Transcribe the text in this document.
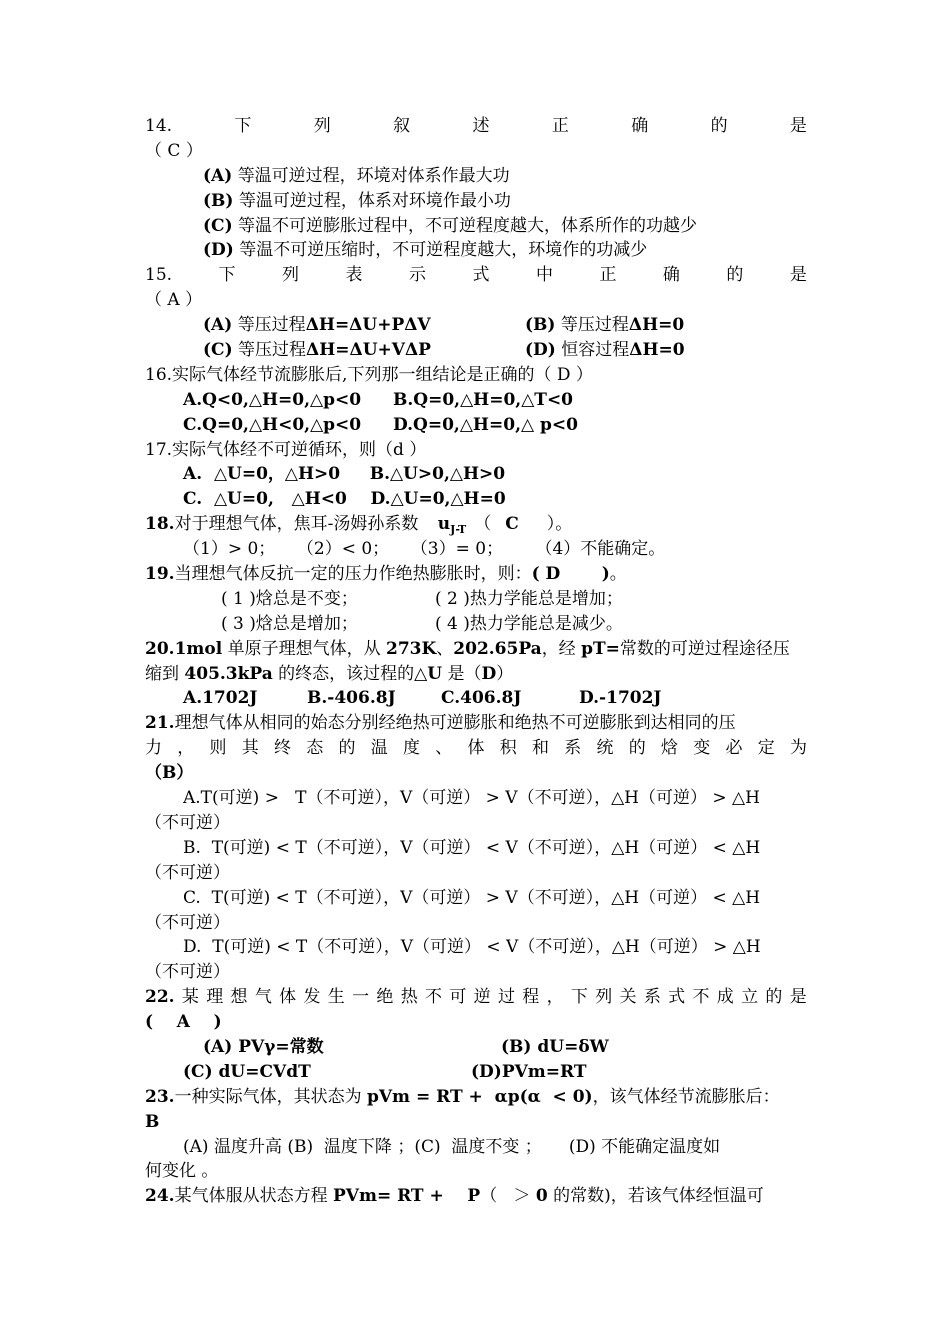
14.	下	列	叙	述	正	确	的	是
（ C ）
(A) 等温可逆过程，环境对体系作最大功
(B) 等温可逆过程，体系对环境作最小功
(C) 等温不可逆膨胀过程中，不可逆程度越大，体系所作的功越少
(D) 等温不可逆压缩时，不可逆程度越大，环境作的功减少
15.	下	列	表	示	式	中	正	确	的	是
（ A ）
(A) 等压过程ΔH=ΔU+PΔV	(B) 等压过程ΔH=0
(C) 等压过程ΔH=ΔU+VΔP	(D) 恒容过程ΔH=0
16.实际气体经节流膨胀后,下列那一组结论是正确的（ D ）
A.Q<0,△H=0,△p<0	B.Q=0,△H=0,△T<0
C.Q=0,△H<0,△p<0	D.Q=0,△H=0,△ p<0
17.实际气体经不可逆循环，则（d ）
A.  △U=0，△H>0     B.△U>0,△H>0
C.  △U=0,   △H<0    D.△U=0,△H=0
18.对于理想气体，焦耳-汤姆孙系数 $u_{J-T}$ （ C ）。
（1）> 0；    （2）< 0；    （3）= 0；      （4）不能确定。
19.当理想气体反抗一定的压力作绝热膨胀时，则：( D       )。
( 1 )焓总是不变；	( 2 )热力学能总是增加；
( 3 )焓总是增加；	( 4 )热力学能总是减少。
20.1mol 单原子理想气体，从 273K、202.65Pa，经 pT=常数的可逆过程途径压
缩到 405.3kPa 的终态，该过程的△U 是（D）
A.1702J	B.-406.8J	C.406.8J	D.-1702J
21.理想气体从相同的始态分别经绝热可逆膨胀和绝热不可逆膨胀到达相同的压
力 ， 则 其 终 态 的 温 度 、 体 积 和 系 统 的 焓 变 必 定 为
（B）
A.T(可逆) >   T（不可逆），V（可逆） > V（不可逆），△H（可逆） > △H
（不可逆）
B.  T(可逆) < T（不可逆），V（可逆） < V（不可逆），△H（可逆） < △H
（不可逆）
C.  T(可逆) < T（不可逆），V（可逆） > V（不可逆），△H（可逆） < △H
（不可逆）
D.  T(可逆) < T（不可逆），V（可逆） < V（不可逆），△H（可逆） > △H
（不可逆）
22. 某 理 想 气 体 发 生 一 绝 热 不 可 逆 过 程 ， 下 列 关 系 式 不 成 立 的 是
(    A    )
(A) PVγ=常数	(B) dU=δW
(C) dU=CVdT	(D)PVm=RT
23.一种实际气体，其状态为 pVm = RT +  αp(α  < 0)，该气体经节流膨胀后：
B
(A) 温度升高 (B)  温度下降 ；(C)  温度不变 ；     (D) 不能确定温度如
何变化 。
24.某气体服从状态方程 PVm= RT +    P（   ＞ 0 的常数)，若该气体经恒温可
